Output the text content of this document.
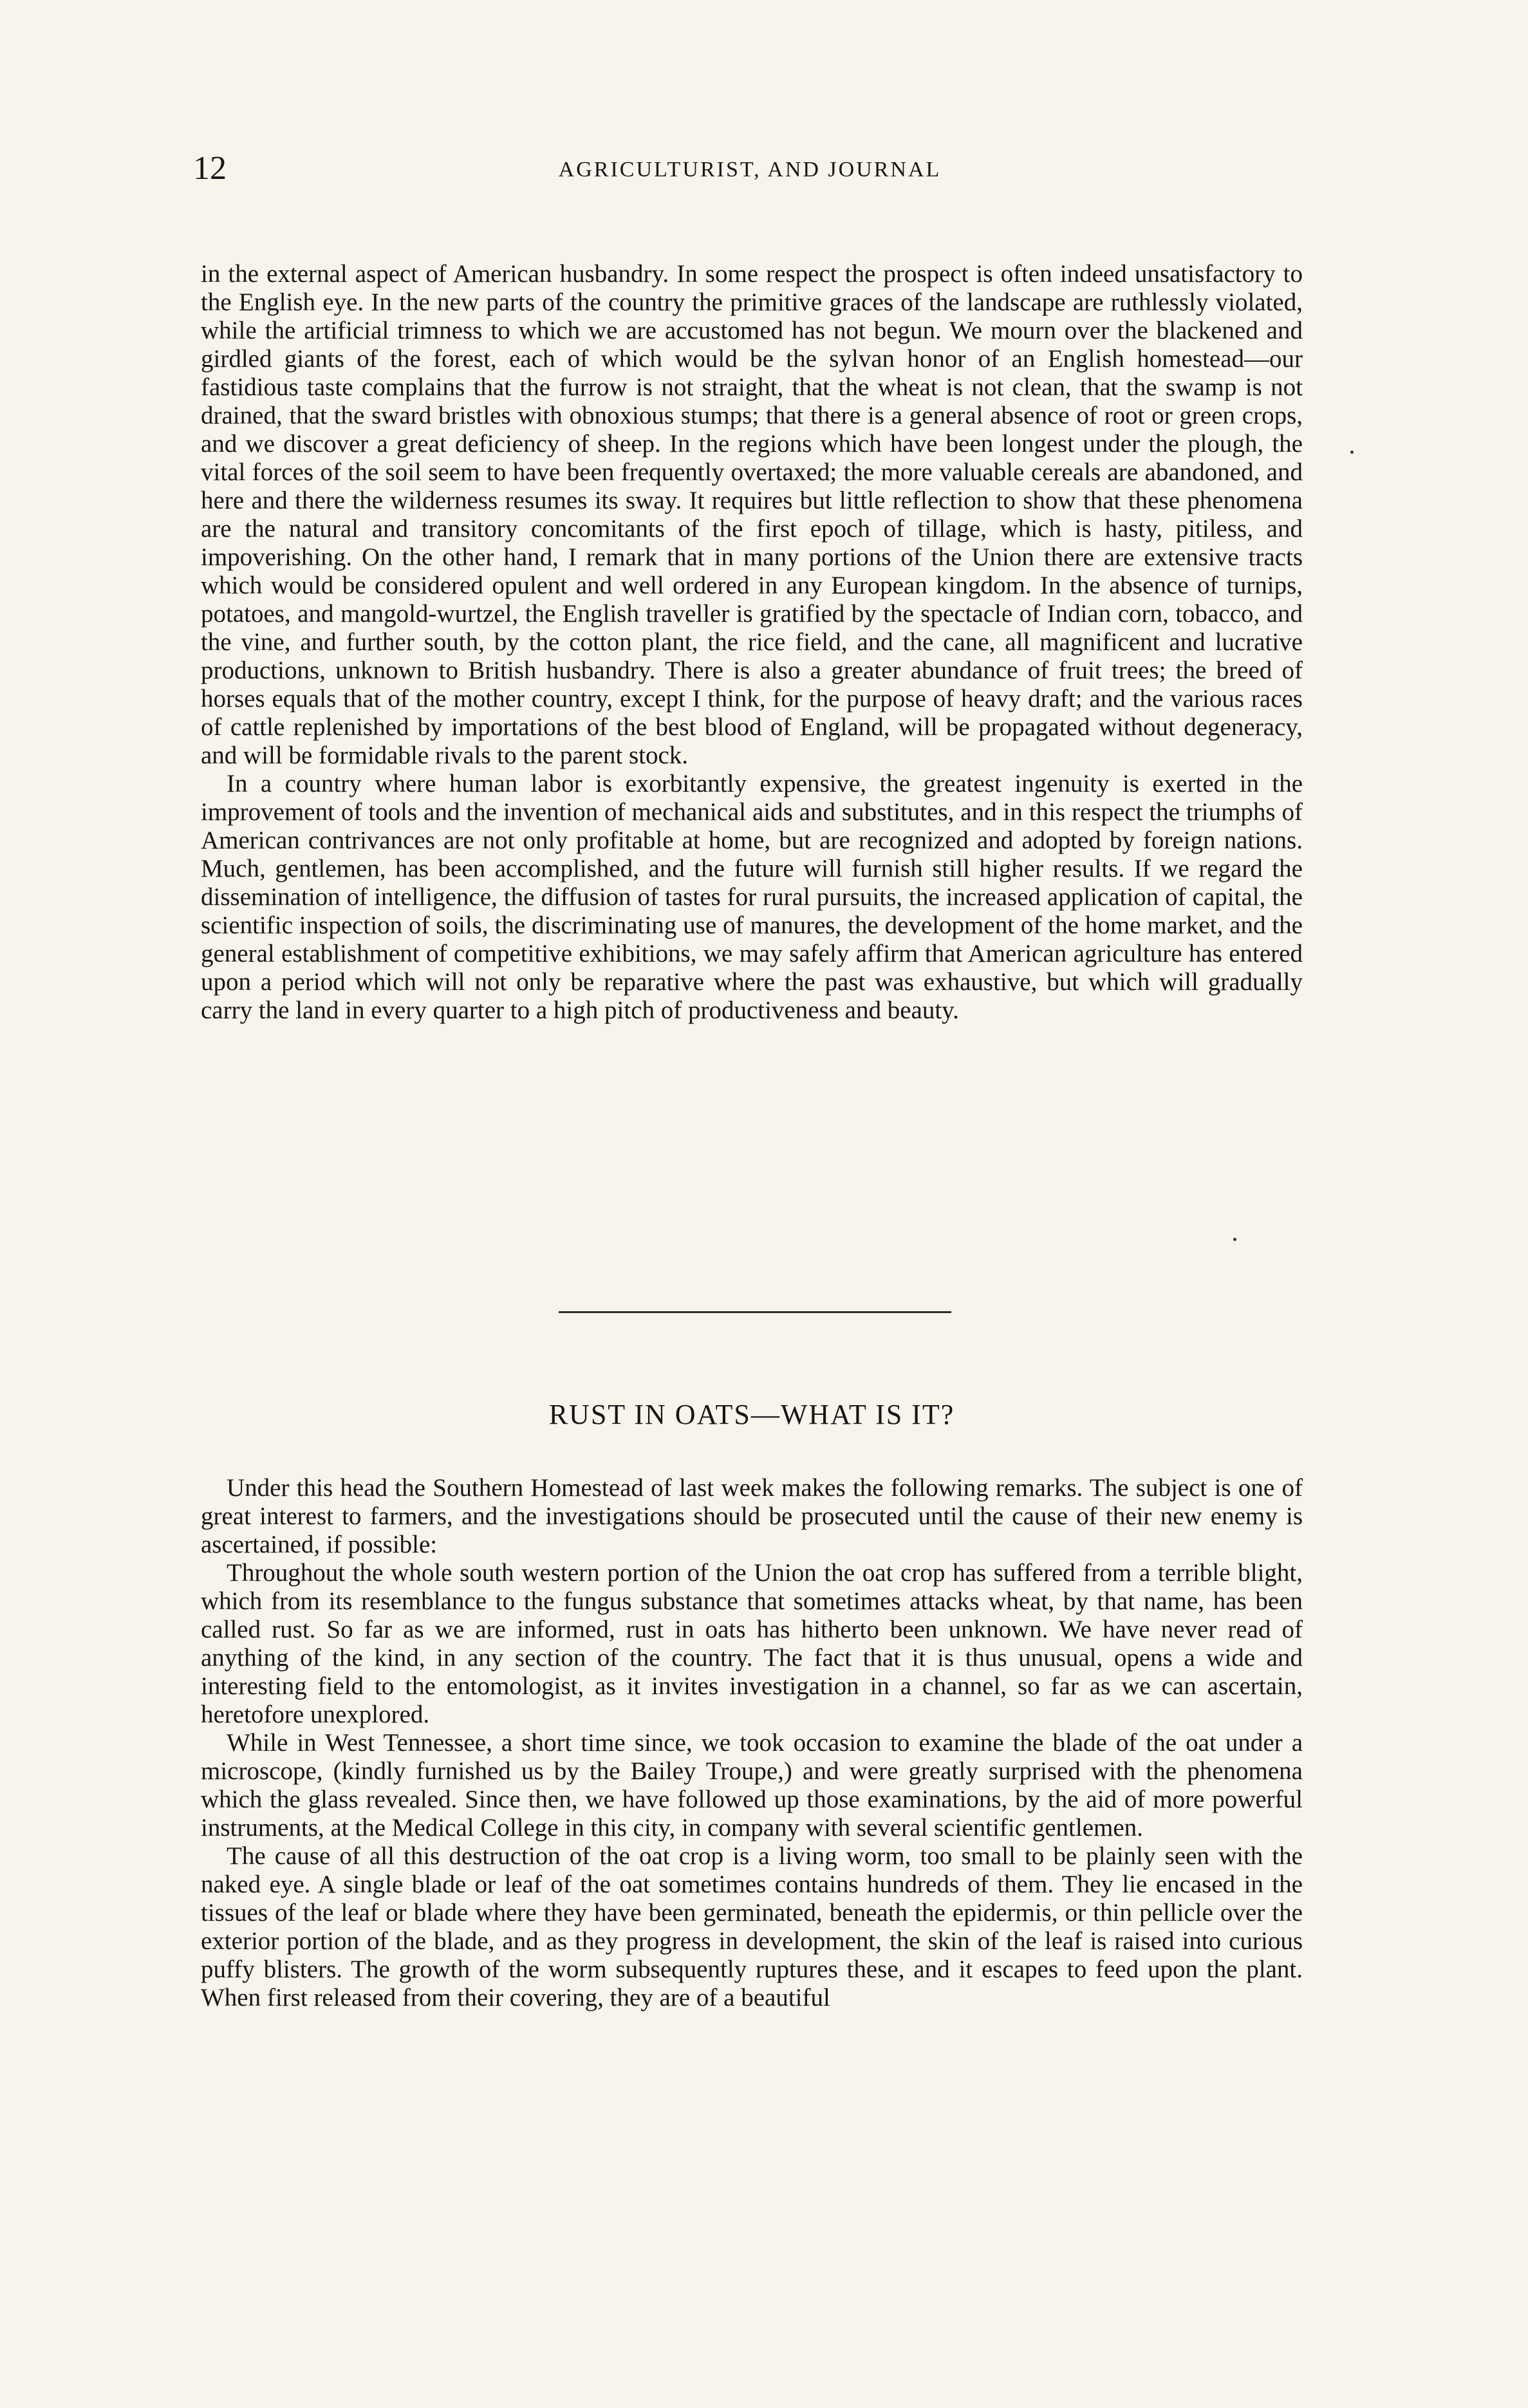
12	AGRICULTURIST, AND JOURNAL

in the external aspect of American husbandry. In some respect the prospect is often indeed unsatisfactory to the English eye. In the new parts of the country the primitive graces of the landscape are ruthlessly violated, while the artificial trimness to which we are accustomed has not begun. We mourn over the blackened and girdled giants of the forest, each of which would be the sylvan honor of an English homestead—our fastidious taste complains that the furrow is not straight, that the wheat is not clean, that the swamp is not drained, that the sward bristles with obnoxious stumps; that there is a general absence of root or green crops, and we discover a great deficiency of sheep. In the regions which have been longest under the plough, the vital forces of the soil seem to have been frequently overtaxed; the more valuable cereals are abandoned, and here and there the wilderness resumes its sway. It requires but little reflection to show that these phenomena are the natural and transitory concomitants of the first epoch of tillage, which is hasty, pitiless, and impoverishing. On the other hand, I remark that in many portions of the Union there are extensive tracts which would be considered opulent and well ordered in any European kingdom. In the absence of turnips, potatoes, and mangold-wurtzel, the English traveller is gratified by the spectacle of Indian corn, tobacco, and the vine, and further south, by the cotton plant, the rice field, and the cane, all magnificent and lucrative productions, unknown to British husbandry. There is also a greater abundance of fruit trees; the breed of horses equals that of the mother country, except I think, for the purpose of heavy draft; and the various races of cattle replenished by importations of the best blood of England, will be propagated without degeneracy, and will be formidable rivals to the parent stock.

In a country where human labor is exorbitantly expensive, the greatest ingenuity is exerted in the improvement of tools and the invention of mechanical aids and substitutes, and in this respect the triumphs of American contrivances are not only profitable at home, but are recognized and adopted by foreign nations. Much, gentlemen, has been accomplished, and the future will furnish still higher results. If we regard the dissemination of intelligence, the diffusion of tastes for rural pursuits, the increased application of capital, the scientific inspection of soils, the discriminating use of manures, the development of the home market, and the general establishment of competitive exhibitions, we may safely affirm that American agriculture has entered upon a period which will not only be reparative where the past was exhaustive, but which will gradually carry the land in every quarter to a high pitch of productiveness and beauty.

RUST IN OATS—WHAT IS IT?

Under this head the Southern Homestead of last week makes the following remarks. The subject is one of great interest to farmers, and the investigations should be prosecuted until the cause of their new enemy is ascertained, if possible:

Throughout the whole south western portion of the Union the oat crop has suffered from a terrible blight, which from its resemblance to the fungus substance that sometimes attacks wheat, by that name, has been called rust. So far as we are informed, rust in oats has hitherto been unknown. We have never read of anything of the kind, in any section of the country. The fact that it is thus unusual, opens a wide and interesting field to the entomologist, as it invites investigation in a channel, so far as we can ascertain, heretofore unexplored.

While in West Tennessee, a short time since, we took occasion to examine the blade of the oat under a microscope, (kindly furnished us by the Bailey Troupe,) and were greatly surprised with the phenomena which the glass revealed. Since then, we have followed up those examinations, by the aid of more powerful instruments, at the Medical College in this city, in company with several scientific gentlemen.

The cause of all this destruction of the oat crop is a living worm, too small to be plainly seen with the naked eye. A single blade or leaf of the oat sometimes contains hundreds of them. They lie encased in the tissues of the leaf or blade where they have been germinated, beneath the epidermis, or thin pellicle over the exterior portion of the blade, and as they progress in development, the skin of the leaf is raised into curious puffy blisters. The growth of the worm subsequently ruptures these, and it escapes to feed upon the plant. When first released from their covering, they are of a beautiful
